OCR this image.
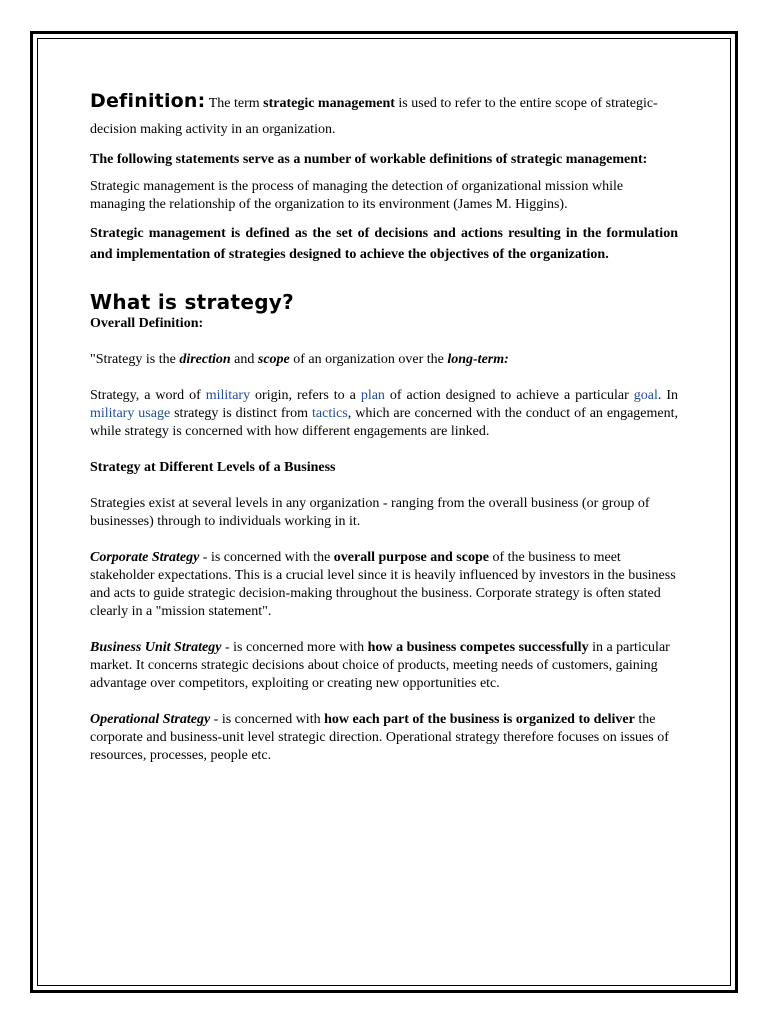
Definition: The term strategic management is used to refer to the entire scope of strategic-decision making activity in an organization.

The following statements serve as a number of workable definitions of strategic management:

Strategic management is the process of managing the detection of organizational mission while managing the relationship of the organization to its environment (James M. Higgins).

Strategic management is defined as the set of decisions and actions resulting in the formulation and implementation of strategies designed to achieve the objectives of the organization.

What is strategy?

Overall Definition:

"Strategy is the direction and scope of an organization over the long-term:

Strategy, a word of military origin, refers to a plan of action designed to achieve a particular goal. In military usage strategy is distinct from tactics, which are concerned with the conduct of an engagement, while strategy is concerned with how different engagements are linked.

Strategy at Different Levels of a Business

Strategies exist at several levels in any organization - ranging from the overall business (or group of businesses) through to individuals working in it.

Corporate Strategy - is concerned with the overall purpose and scope of the business to meet stakeholder expectations. This is a crucial level since it is heavily influenced by investors in the business and acts to guide strategic decision-making throughout the business. Corporate strategy is often stated clearly in a "mission statement".

Business Unit Strategy - is concerned more with how a business competes successfully in a particular market. It concerns strategic decisions about choice of products, meeting needs of customers, gaining advantage over competitors, exploiting or creating new opportunities etc.

Operational Strategy - is concerned with how each part of the business is organized to deliver the corporate and business-unit level strategic direction. Operational strategy therefore focuses on issues of resources, processes, people etc.
